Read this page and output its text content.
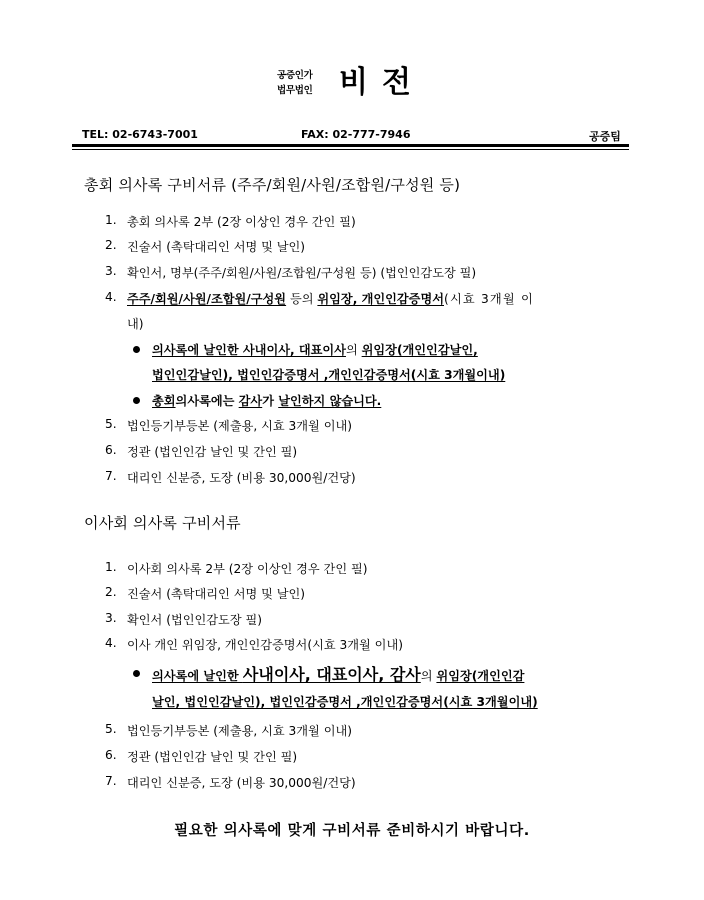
공증인가
법무법인 비전
TEL: 02-6743-7001	FAX: 02-777-7946	공증팀
총회 의사록 구비서류 (주주/회원/사원/조합원/구성원 등)
1. 총회 의사록 2부 (2장 이상인 경우 간인 필)
2. 진술서 (촉탁대리인 서명 및 날인)
3. 확인서, 명부(주주/회원/사원/조합원/구성원 등) (법인인감도장 필)
4. 주주/회원/사원/조합원/구성원 등의 위임장, 개인인감증명서(시효 3개월 이
내)
의사록에 날인한 사내이사, 대표이사의 위임장(개인인감날인,
법인인감날인), 법인인감증명서 ,개인인감증명서(시효 3개월이내)
총회의사록에는 감사가 날인하지 않습니다.
5. 법인등기부등본 (제출용, 시효 3개월 이내)
6. 정관 (법인인감 날인 및 간인 필)
7. 대리인 신분증, 도장 (비용 30,000원/건당)
이사회 의사록 구비서류
1. 이사회 의사록 2부 (2장 이상인 경우 간인 필)
2. 진술서 (촉탁대리인 서명 및 날인)
3. 확인서 (법인인감도장 필)
4. 이사 개인 위임장, 개인인감증명서(시효 3개월 이내)
의사록에 날인한 사내이사, 대표이사, 감사의 위임장(개인인감
날인, 법인인감날인), 법인인감증명서 ,개인인감증명서(시효 3개월이내)
5. 법인등기부등본 (제출용, 시효 3개월 이내)
6. 정관 (법인인감 날인 및 간인 필)
7. 대리인 신분증, 도장 (비용 30,000원/건당)
필요한 의사록에 맞게 구비서류 준비하시기 바랍니다.
